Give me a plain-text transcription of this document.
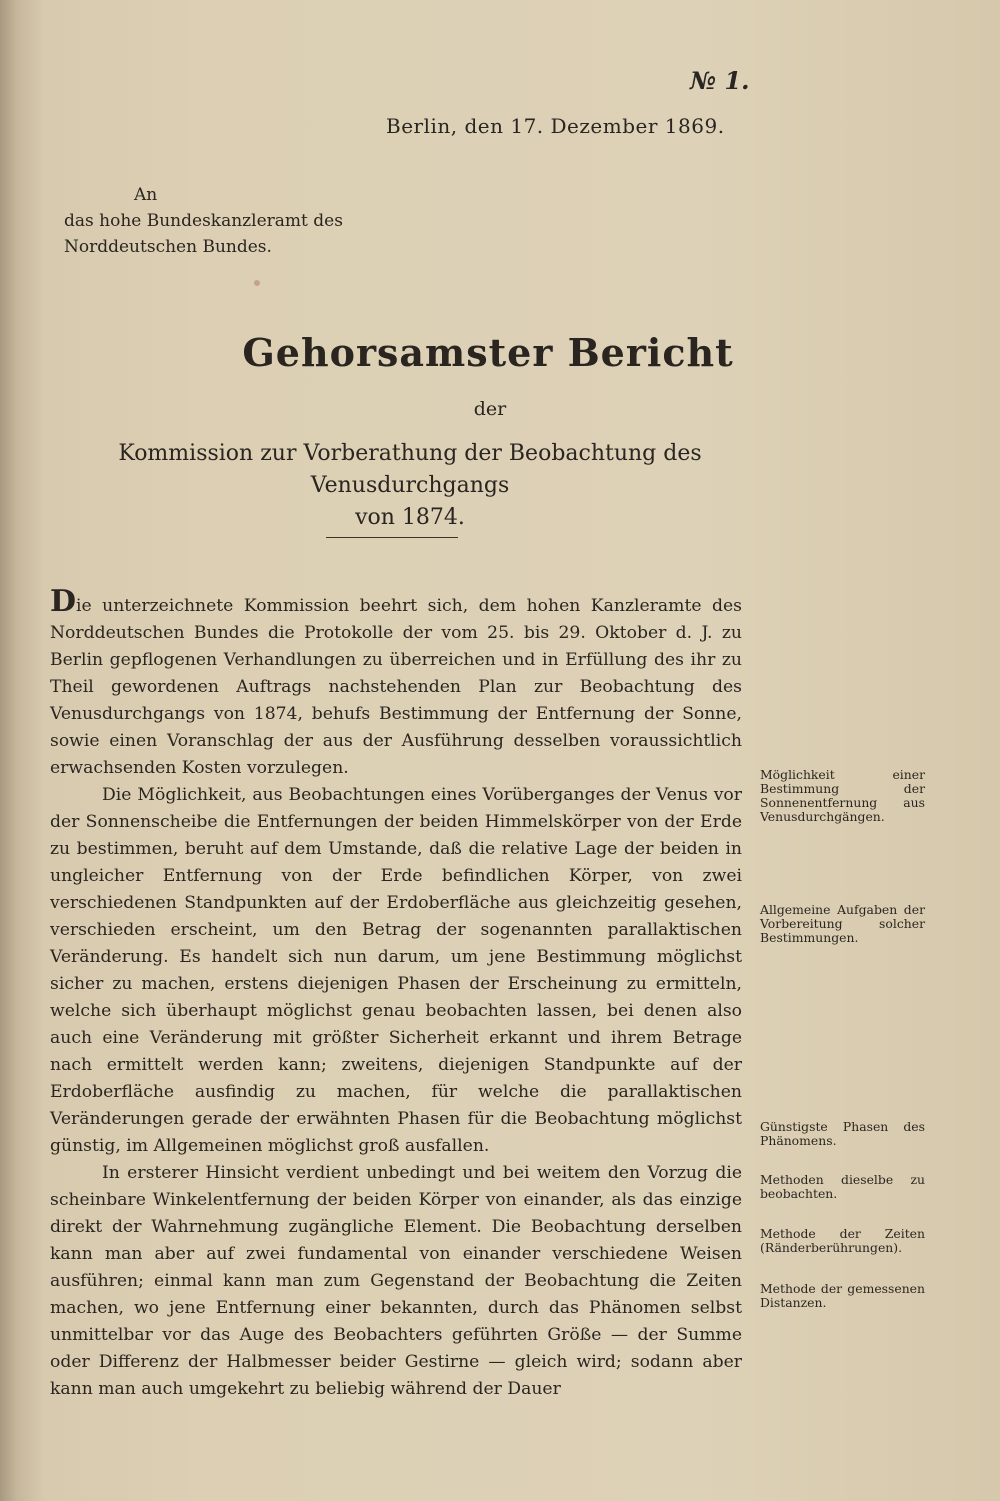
№ 1.
Berlin, den 17. Dezember 1869.
An
das hohe Bundeskanzleramt des
Norddeutschen Bundes.
Gehorsamster Bericht
der
Kommission zur Vorberathung der Beobachtung des Venusdurchgangs
von 1874.

Die unterzeichnete Kommission beehrt sich, dem hohen Kanzleramte des Norddeutschen Bundes die Protokolle der vom 25. bis 29. Oktober d. J. zu Berlin gepflogenen Verhandlungen zu überreichen und in Erfüllung des ihr zu Theil gewordenen Auftrags nachstehenden Plan zur Beobachtung des Venusdurchgangs von 1874, behufs Bestimmung der Entfernung der Sonne, sowie einen Voranschlag der aus der Ausführung desselben voraussichtlich erwachsenden Kosten vorzulegen.

Die Möglichkeit, aus Beobachtungen eines Vorüberganges der Venus vor der Sonnenscheibe die Entfernungen der beiden Himmelskörper von der Erde zu bestimmen, beruht auf dem Umstande, daß die relative Lage der beiden in ungleicher Entfernung von der Erde befindlichen Körper, von zwei verschiedenen Standpunkten auf der Erdoberfläche aus gleichzeitig gesehen, verschieden erscheint, um den Betrag der sogenannten parallaktischen Veränderung. Es handelt sich nun darum, um jene Bestimmung möglichst sicher zu machen, erstens diejenigen Phasen der Erscheinung zu ermitteln, welche sich überhaupt möglichst genau beobachten lassen, bei denen also auch eine Veränderung mit größter Sicherheit erkannt und ihrem Betrage nach ermittelt werden kann; zweitens, diejenigen Standpunkte auf der Erdoberfläche ausfindig zu machen, für welche die parallaktischen Veränderungen gerade der erwähnten Phasen für die Beobachtung möglichst günstig, im Allgemeinen möglichst groß ausfallen.

In ersterer Hinsicht verdient unbedingt und bei weitem den Vorzug die scheinbare Winkelentfernung der beiden Körper von einander, als das einzige direkt der Wahrnehmung zugängliche Element. Die Beobachtung derselben kann man aber auf zwei fundamental von einander verschiedene Weisen ausführen; einmal kann man zum Gegenstand der Beobachtung die Zeiten machen, wo jene Entfernung einer bekannten, durch das Phänomen selbst unmittelbar vor das Auge des Beobachters geführten Größe — der Summe oder Differenz der Halbmesser beider Gestirne — gleich wird; sodann aber kann man auch umgekehrt zu beliebig während der Dauer

Möglichkeit einer Bestimmung der Sonnenentfernung aus Venusdurchgängen.
Allgemeine Aufgaben der Vorbereitung solcher Bestimmungen.
Günstigste Phasen des Phänomens.
Methoden dieselbe zu beobachten.
Methode der Zeiten (Ränderberührungen).
Methode der gemessenen Distanzen.
